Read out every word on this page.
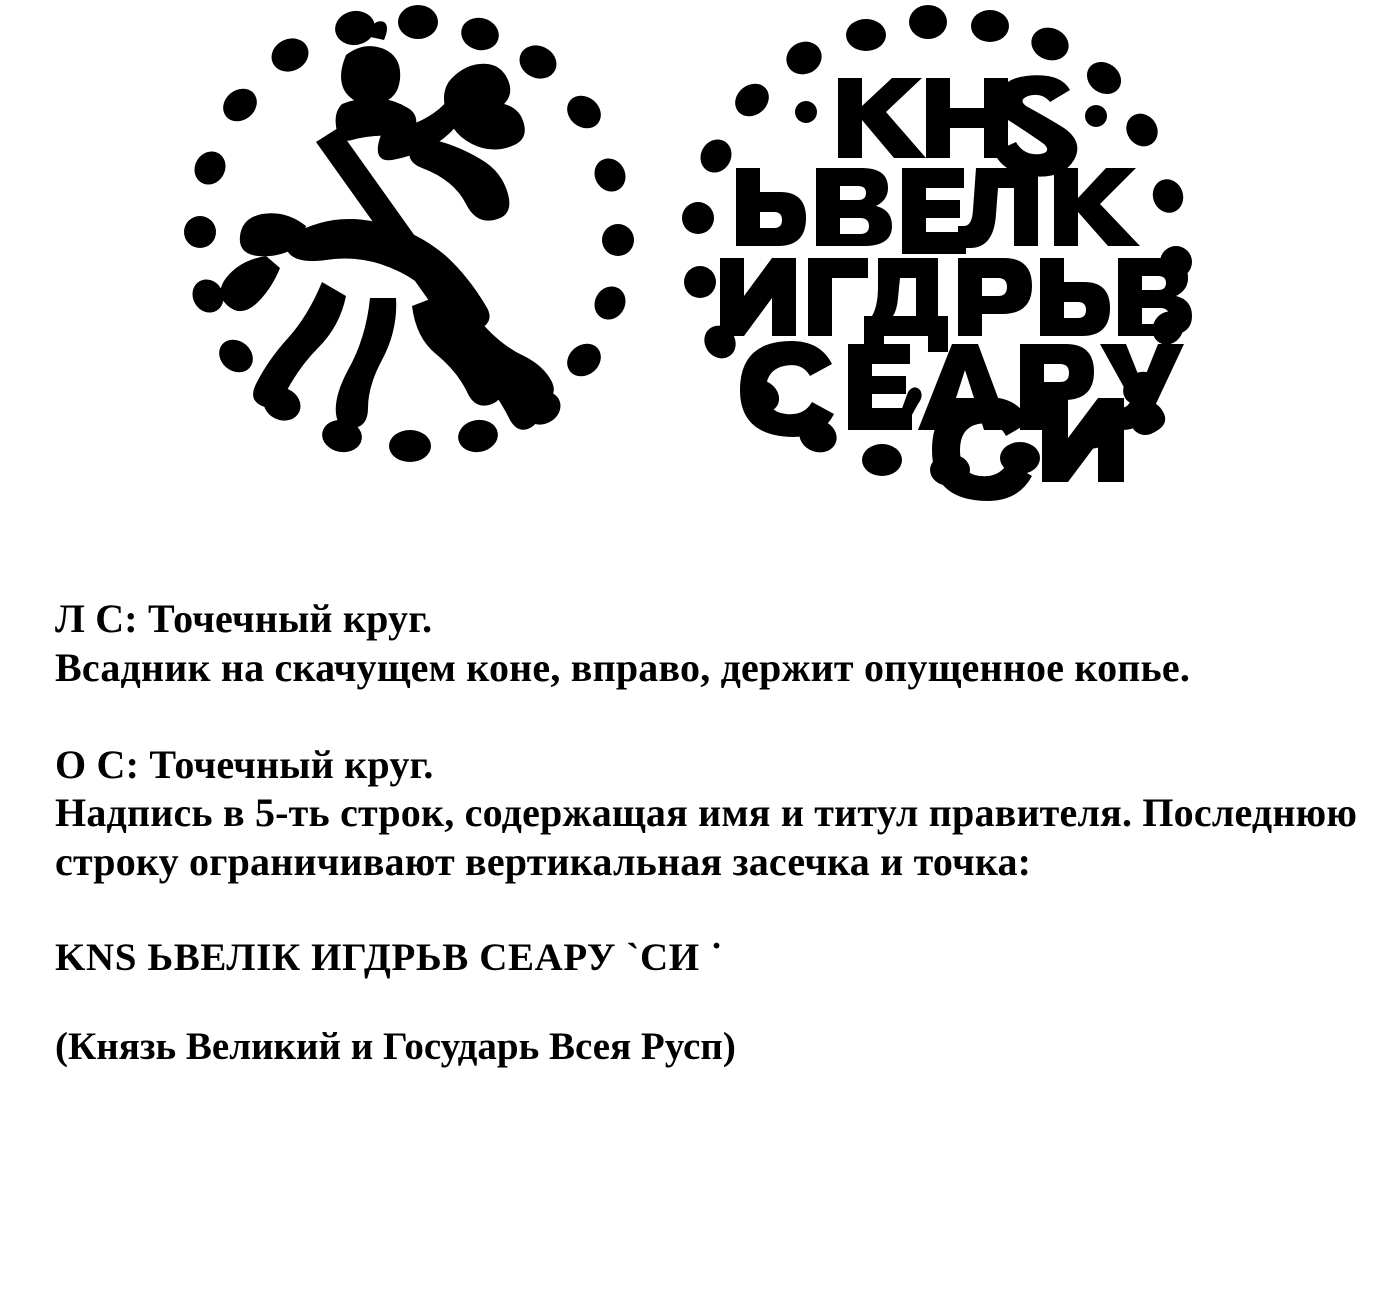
Л С: Точечный круг.
Всадник на скачущем коне, вправо, держит опущенное копье.

О С: Точечный круг.
Надпись в 5-ть строк, содержащая имя и титул правителя. Последнюю строку ограничивают вертикальная засечка и точка:

KNS ЬВЕЛIК ИГДРЬВ СЕАРУ `СИ ˙

(Князь Великий и Государь Всея Русп)
